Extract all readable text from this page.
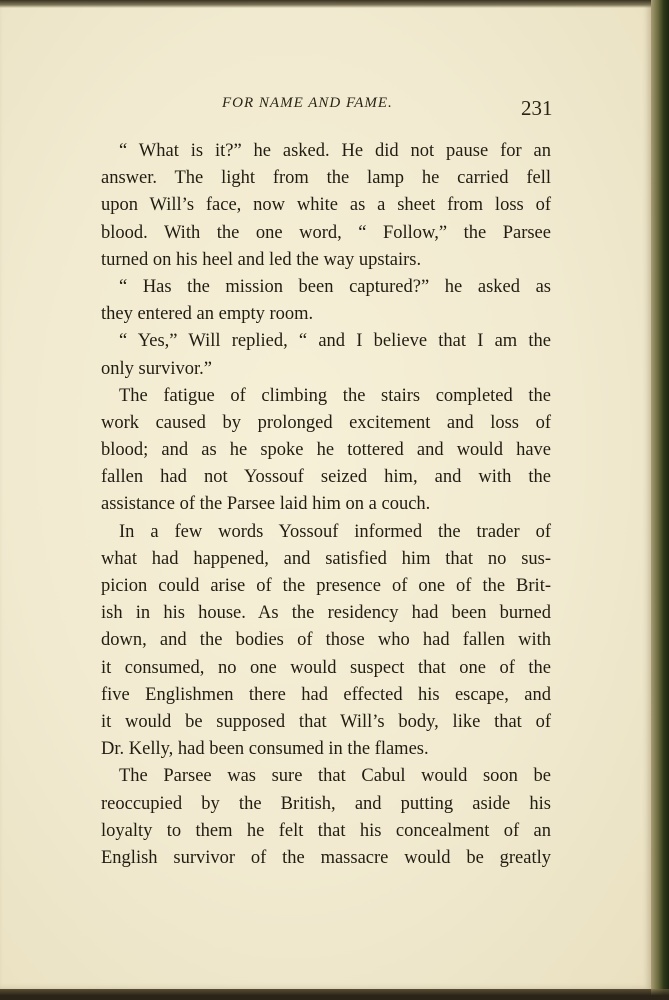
FOR NAME AND FAME.	231
“ What is it?” he asked. He did not pause for an
answer. The light from the lamp he carried fell
upon Will’s face, now white as a sheet from loss of
blood. With the one word, “ Follow,” the Parsee
turned on his heel and led the way upstairs.
“ Has the mission been captured?” he asked as
they entered an empty room.
“ Yes,” Will replied, “ and I believe that I am the
only survivor.”
The fatigue of climbing the stairs completed the
work caused by prolonged excitement and loss of
blood; and as he spoke he tottered and would have
fallen had not Yossouf seized him, and with the
assistance of the Parsee laid him on a couch.
In a few words Yossouf informed the trader of
what had happened, and satisfied him that no sus-
picion could arise of the presence of one of the Brit-
ish in his house. As the residency had been burned
down, and the bodies of those who had fallen with
it consumed, no one would suspect that one of the
five Englishmen there had effected his escape, and
it would be supposed that Will’s body, like that of
Dr. Kelly, had been consumed in the flames.
The Parsee was sure that Cabul would soon be
reoccupied by the British, and putting aside his
loyalty to them he felt that his concealment of an
English survivor of the massacre would be greatly
